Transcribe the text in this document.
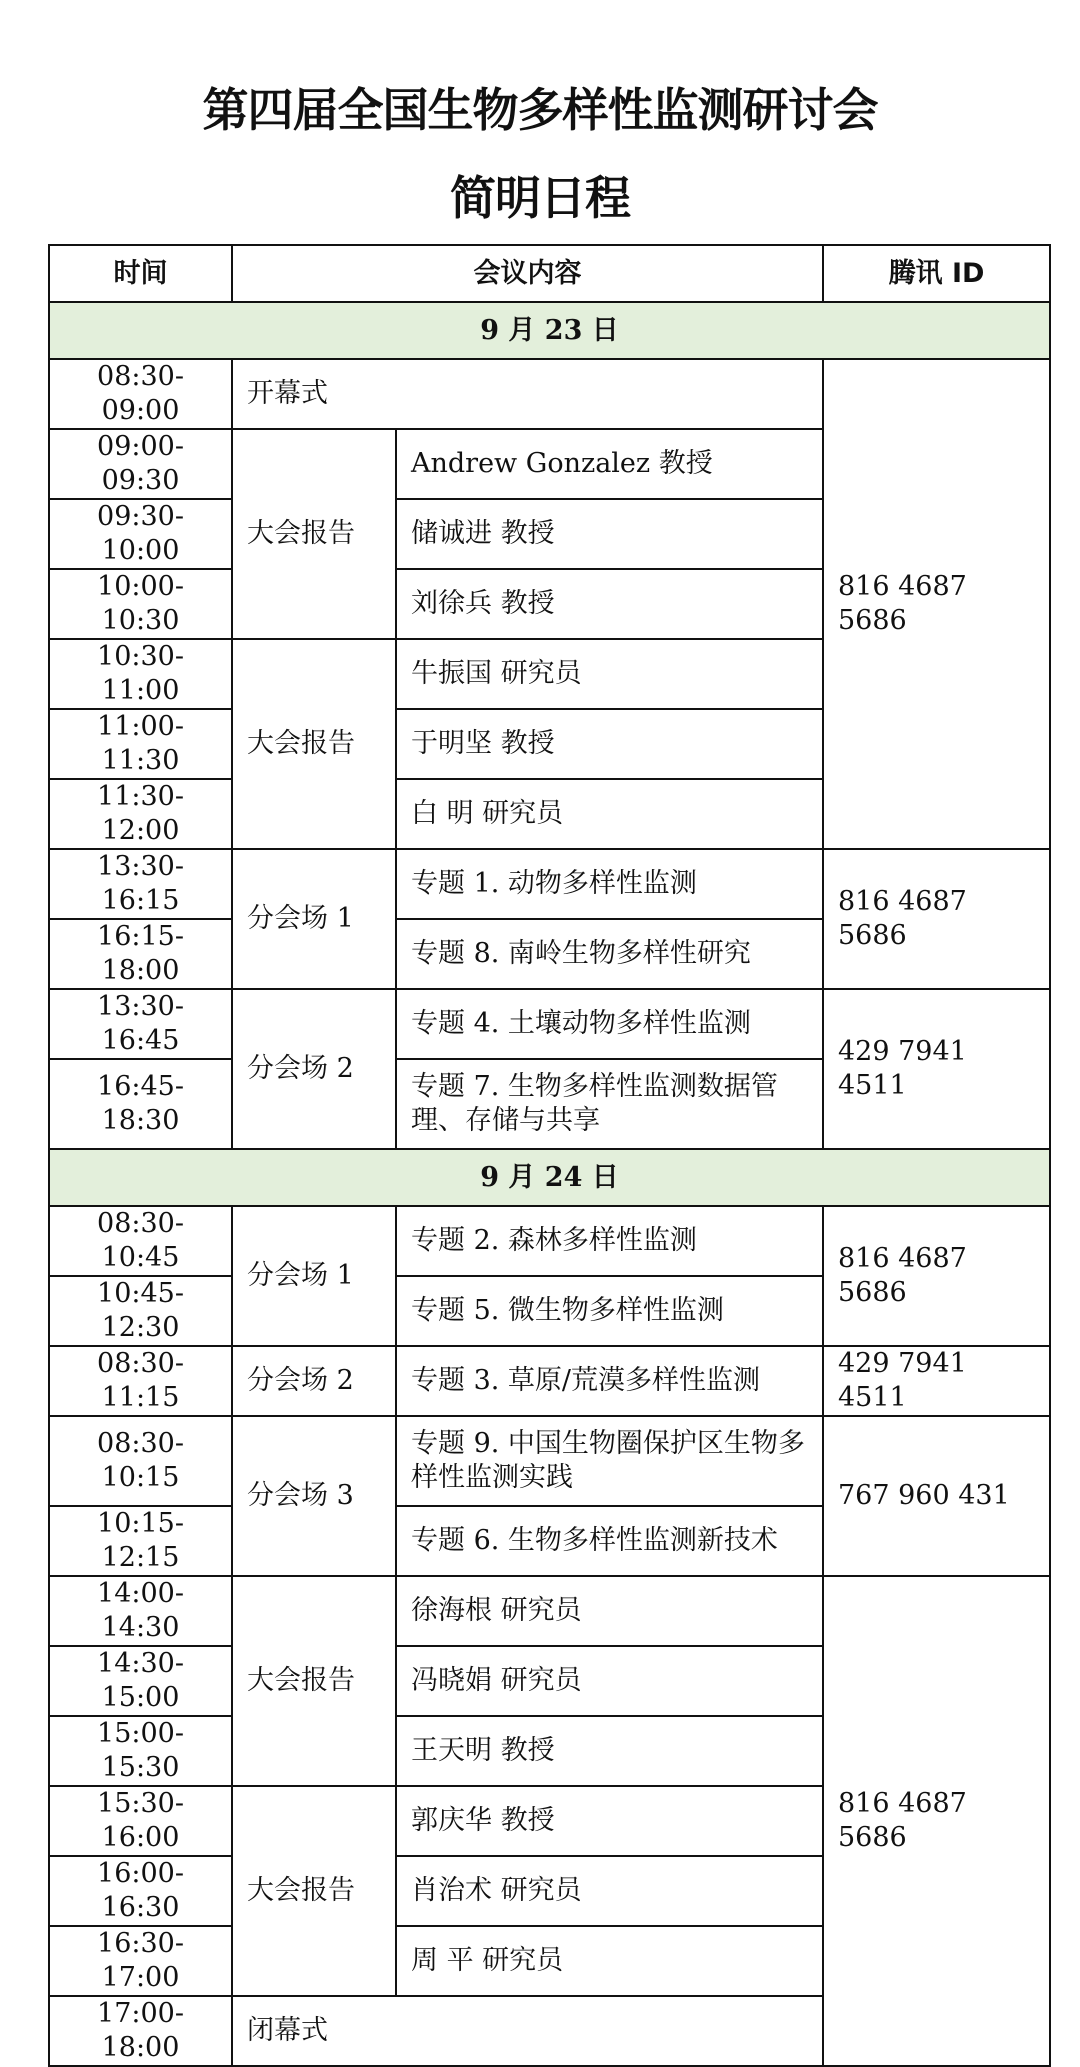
第四届全国生物多样性监测研讨会
简明日程
时间	会议内容		腾讯 ID
9 月 23 日			
08:30-09:00	开幕式		816 4687 5686
09:00-09:30	大会报告	Andrew Gonzalez 教授	
09:30-10:00		储诚进 教授	
10:00-10:30		刘徐兵 教授	
10:30-11:00	大会报告	牛振国 研究员	
11:00-11:30		于明坚 教授	
11:30-12:00		白 明 研究员	
13:30-16:15	分会场 1	专题 1. 动物多样性监测	816 4687 5686
16:15-18:00		专题 8. 南岭生物多样性研究	
13:30-16:45	分会场 2	专题 4. 土壤动物多样性监测	429 7941 4511
16:45-18:30		专题 7. 生物多样性监测数据管理、存储与共享	
9 月 24 日			
08:30-10:45	分会场 1	专题 2. 森林多样性监测	816 4687 5686
10:45-12:30		专题 5. 微生物多样性监测	
08:30-11:15	分会场 2	专题 3. 草原/荒漠多样性监测	429 7941 4511
08:30-10:15	分会场 3	专题 9. 中国生物圈保护区生物多样性监测实践	767 960 431
10:15-12:15		专题 6. 生物多样性监测新技术	
14:00-14:30	大会报告	徐海根 研究员	816 4687 5686
14:30-15:00		冯晓娟 研究员	
15:00-15:30		王天明 教授	
15:30-16:00	大会报告	郭庆华 教授	
16:00-16:30		肖治术 研究员	
16:30-17:00		周 平 研究员	
17:00-18:00	闭幕式		
